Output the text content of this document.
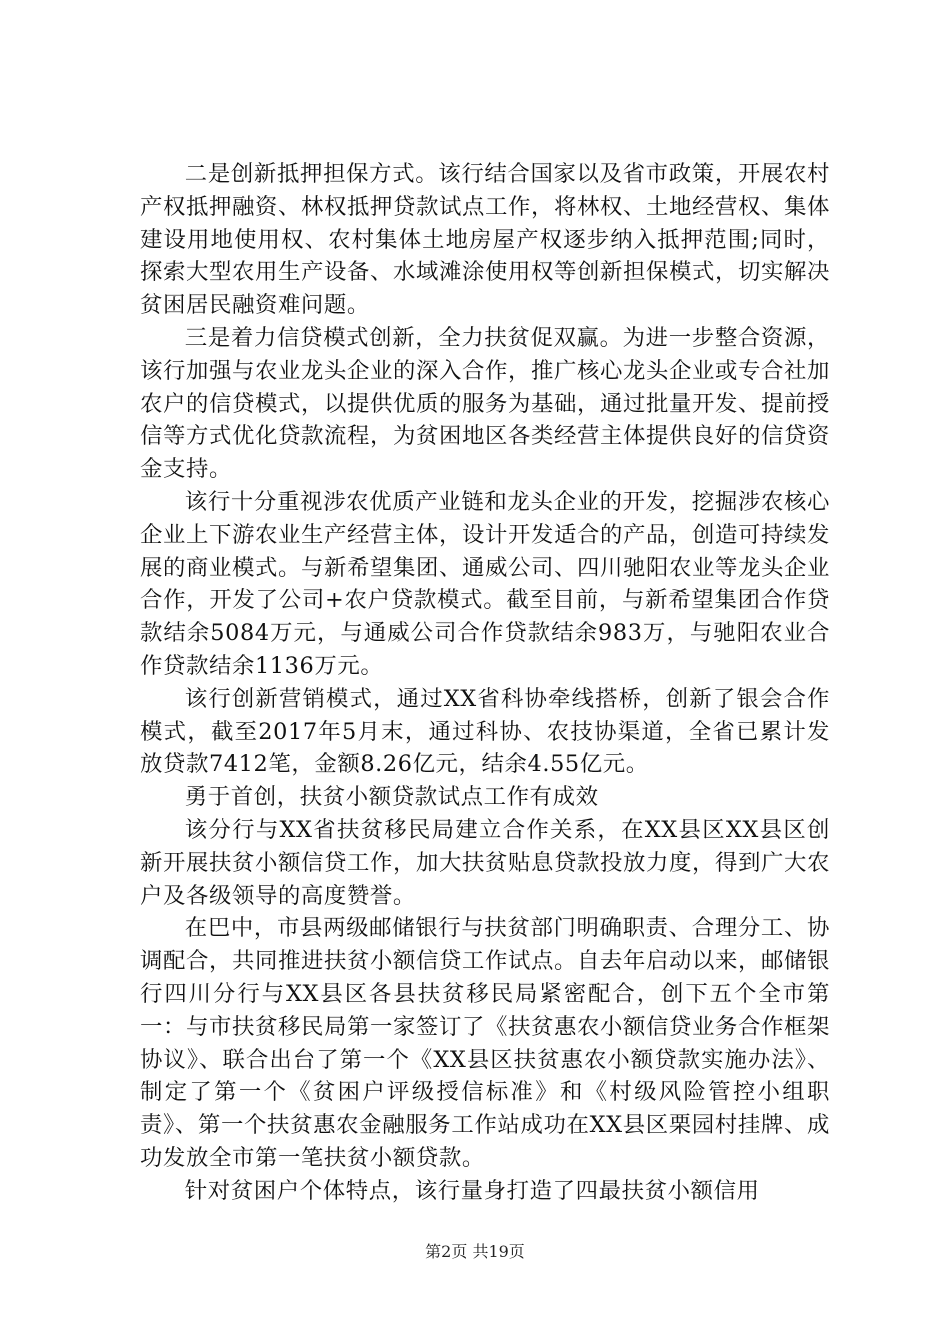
二是创新抵押担保方式。该行结合国家以及省市政策，开展农村产权抵押融资、林权抵押贷款试点工作，将林权、土地经营权、集体建设用地使用权、农村集体土地房屋产权逐步纳入抵押范围;同时，探索大型农用生产设备、水域滩涂使用权等创新担保模式，切实解决贫困居民融资难问题。

三是着力信贷模式创新，全力扶贫促双赢。为进一步整合资源，该行加强与农业龙头企业的深入合作，推广核心龙头企业或专合社加农户的信贷模式，以提供优质的服务为基础，通过批量开发、提前授信等方式优化贷款流程，为贫困地区各类经营主体提供良好的信贷资金支持。

该行十分重视涉农优质产业链和龙头企业的开发，挖掘涉农核心企业上下游农业生产经营主体，设计开发适合的产品，创造可持续发展的商业模式。与新希望集团、通威公司、四川驰阳农业等龙头企业合作，开发了公司+农户贷款模式。截至目前，与新希望集团合作贷款结余5084万元，与通威公司合作贷款结余983万，与驰阳农业合作贷款结余1136万元。

该行创新营销模式，通过XX省科协牵线搭桥，创新了银会合作模式，截至2017年5月末，通过科协、农技协渠道，全省已累计发放贷款7412笔，金额8.26亿元，结余4.55亿元。

勇于首创，扶贫小额贷款试点工作有成效

该分行与XX省扶贫移民局建立合作关系，在XX县区XX县区创新开展扶贫小额信贷工作，加大扶贫贴息贷款投放力度，得到广大农户及各级领导的高度赞誉。

在巴中，市县两级邮储银行与扶贫部门明确职责、合理分工、协调配合，共同推进扶贫小额信贷工作试点。自去年启动以来，邮储银行四川分行与XX县区各县扶贫移民局紧密配合，创下五个全市第一：与市扶贫移民局第一家签订了《扶贫惠农小额信贷业务合作框架协议》、联合出台了第一个《XX县区扶贫惠农小额贷款实施办法》、制定了第一个《贫困户评级授信标准》和《村级风险管控小组职责》、第一个扶贫惠农金融服务工作站成功在XX县区栗园村挂牌、成功发放全市第一笔扶贫小额贷款。

针对贫困户个体特点，该行量身打造了四最扶贫小额信用

第2页 共19页
